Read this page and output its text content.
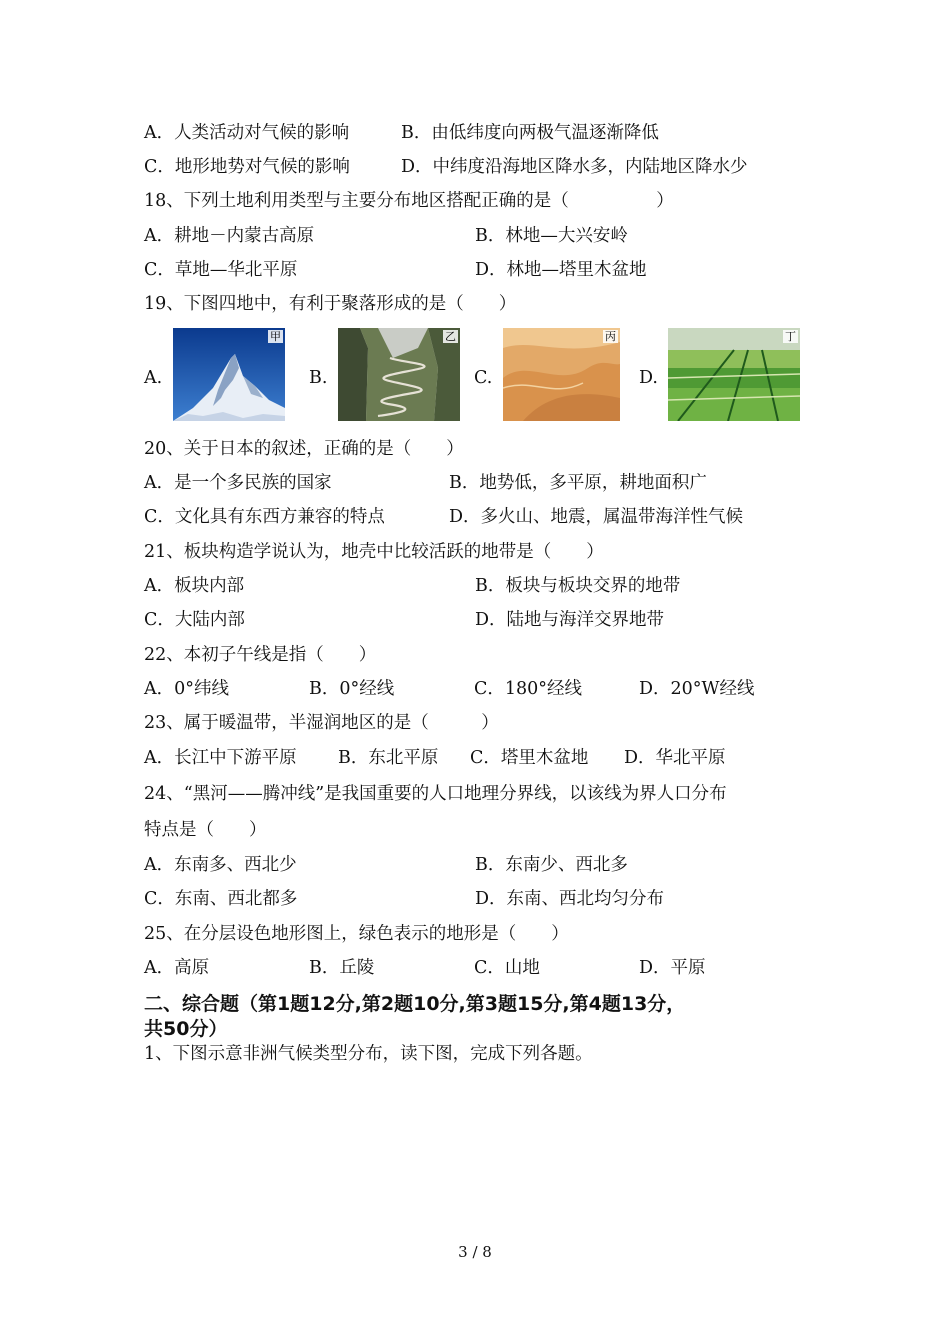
A．人类活动对气候的影响	B．由低纬度向两极气温逐渐降低
C．地形地势对气候的影响	D．中纬度沿海地区降水多，内陆地区降水少
18、下列土地利用类型与主要分布地区搭配正确的是（　　　　　）
A．耕地－内蒙古高原	B．林地—大兴安岭
C．草地—华北平原	D．林地—塔里木盆地
19、下图四地中，有利于聚落形成的是（　　）
A.	B.	C.	D.
甲	乙	丙	丁
20、关于日本的叙述，正确的是（　　）
A．是一个多民族的国家	B．地势低，多平原，耕地面积广
C．文化具有东西方兼容的特点	D．多火山、地震，属温带海洋性气候
21、板块构造学说认为，地壳中比较活跃的地带是（　　）
A．板块内部	B．板块与板块交界的地带
C．大陆内部	D．陆地与海洋交界地带
22、本初子午线是指（　　）
A．0°纬线	B．0°经线	C．180°经线	D．20°W经线
23、属于暖温带，半湿润地区的是（　　　）
A．长江中下游平原 B．东北平原 C．塔里木盆地 D．华北平原
24、“黑河——腾冲线”是我国重要的人口地理分界线，以该线为界人口分布
特点是（　　）
A．东南多、西北少	B．东南少、西北多
C．东南、西北都多	D．东南、西北均匀分布
25、在分层设色地形图上，绿色表示的地形是（　　）
A．高原	B．丘陵	C．山地	D．平原
二、综合题（第1题12分,第2题10分,第3题15分,第4题13分，
共50分）
1、下图示意非洲气候类型分布，读下图，完成下列各题。
3 / 8
